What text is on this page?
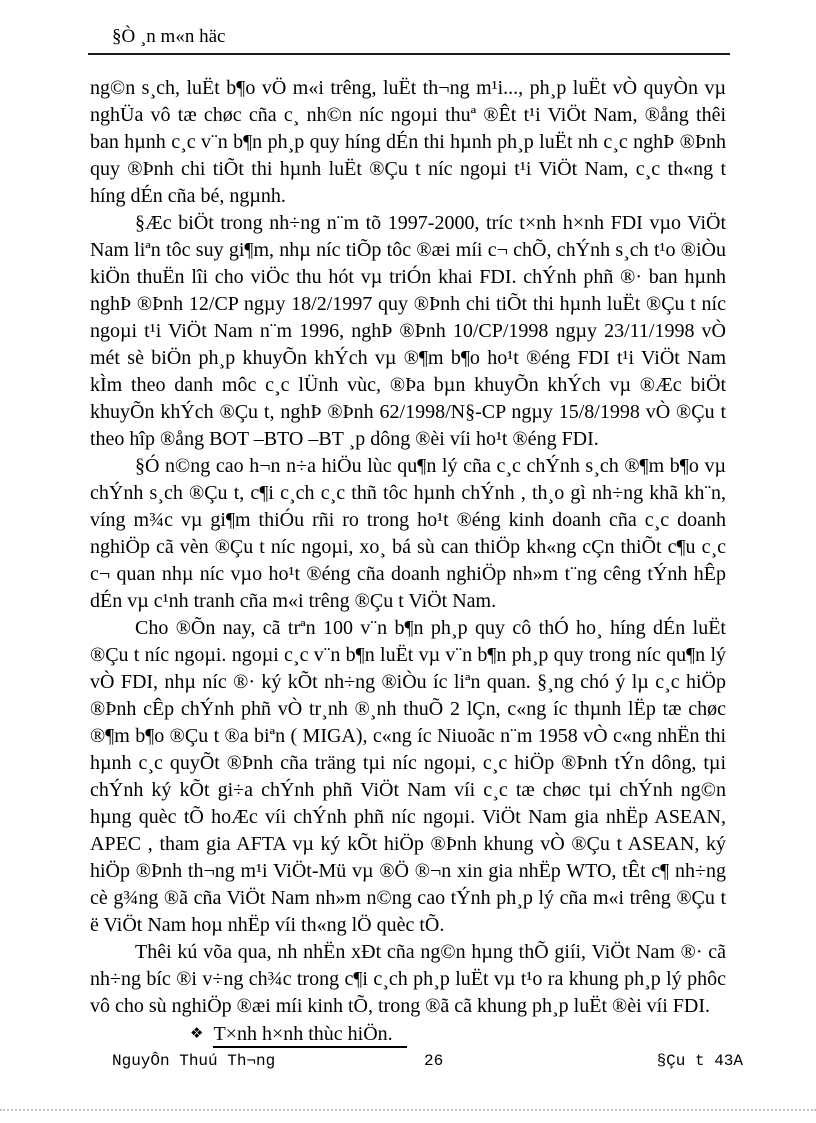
§Ò ¸n m«n häc

ng©n s¸ch, luËt b¶o vÖ m«i trêng, luËt th¬ng m¹i..., ph¸p luËt vÒ quyÒn vµ nghÜa vô tæ chøc cña c¸ nh©n níc ngoµi thuª ®Êt t¹i ViÖt Nam, ®ång thêi ban hµnh c¸c v¨n b¶n ph¸p quy híng dÉn thi hµnh ph¸p luËt nh c¸c nghÞ ®Þnh quy ®Þnh chi tiÕt thi hµnh luËt ®Çu t níc ngoµi t¹i ViÖt Nam, c¸c th«ng t híng dÉn cña bé, ngµnh.

§Æc biÖt trong nh÷ng n¨m tõ 1997-2000, tríc t×nh h×nh FDI vµo ViÖt Nam liªn tôc suy gi¶m, nhµ níc tiÕp tôc ®æi míi c¬ chÕ, chÝnh s¸ch t¹o ®iÒu kiÖn thuËn lîi cho viÖc thu hót vµ triÓn khai FDI. chÝnh phñ ®· ban hµnh nghÞ ®Þnh 12/CP ngµy 18/2/1997 quy ®Þnh chi tiÕt thi hµnh luËt ®Çu t níc ngoµi t¹i ViÖt Nam n¨m 1996, nghÞ ®Þnh 10/CP/1998 ngµy 23/11/1998 vÒ mét sè biÖn ph¸p khuyÕn khÝch vµ ®¶m b¶o ho¹t ®éng FDI t¹i ViÖt Nam kÌm theo danh môc c¸c lÜnh vùc, ®Þa bµn khuyÕn khÝch vµ ®Æc biÖt khuyÕn khÝch ®Çu t, nghÞ ®Þnh 62/1998/N§-CP ngµy 15/8/1998 vÒ ®Çu t theo hîp ®ång BOT –BTO –BT ¸p dông ®èi víi ho¹t ®éng FDI.

§Ó n©ng cao h¬n n÷a hiÖu lùc qu¶n lý cña c¸c chÝnh s¸ch ®¶m b¶o vµ chÝnh s¸ch ®Çu t, c¶i c¸ch c¸c thñ tôc hµnh chÝnh , th¸o gì nh÷ng khã kh¨n, víng m¾c vµ gi¶m thiÓu rñi ro trong ho¹t ®éng kinh doanh cña c¸c doanh nghiÖp cã vèn ®Çu t níc ngoµi, xo¸ bá sù can thiÖp kh«ng cÇn thiÕt c¶u c¸c c¬ quan nhµ níc vµo ho¹t ®éng cña doanh nghiÖp nh»m t¨ng cêng tÝnh hÊp dÉn vµ c¹nh tranh cña m«i trêng ®Çu t ViÖt Nam.

Cho ®Õn nay, cã trªn 100 v¨n b¶n ph¸p quy cô thÓ ho¸ híng dÉn luËt ®Çu t níc ngoµi. ngoµi c¸c v¨n b¶n luËt vµ v¨n b¶n ph¸p quy trong níc qu¶n lý vÒ FDI, nhµ níc ®· ký kÕt nh÷ng ®iÒu íc liªn quan. §¸ng chó ý lµ c¸c hiÖp ®Þnh cÊp chÝnh phñ vÒ tr¸nh ®¸nh thuÕ 2 lÇn, c«ng íc thµnh lËp tæ chøc ®¶m b¶o ®Çu t ®a biªn ( MIGA), c«ng íc Niuoãc n¨m 1958 vÒ c«ng nhËn thi hµnh c¸c quyÕt ®Þnh cña träng tµi níc ngoµi, c¸c hiÖp ®Þnh tÝn dông, tµi chÝnh ký kÕt gi÷a chÝnh phñ ViÖt Nam víi c¸c tæ chøc tµi chÝnh ng©n hµng quèc tÕ hoÆc víi chÝnh phñ níc ngoµi. ViÖt Nam gia nhËp ASEAN, APEC , tham gia AFTA vµ ký kÕt hiÖp ®Þnh khung vÒ ®Çu t ASEAN, ký hiÖp ®Þnh th¬ng m¹i ViÖt-Mü vµ ®Ö ®¬n xin gia nhËp WTO, tÊt c¶ nh÷ng cè g¾ng ®ã cña ViÖt Nam nh»m n©ng cao tÝnh ph¸p lý cña m«i trêng ®Çu t ë ViÖt Nam hoµ nhËp víi th«ng lÖ quèc tÕ.

Thêi kú võa qua, nh nhËn xÐt cña ng©n hµng thÕ giíi, ViÖt Nam ®· cã nh÷ng bíc ®i v÷ng ch¾c trong c¶i c¸ch ph¸p luËt vµ t¹o ra khung ph¸p lý phôc vô cho sù nghiÖp ®æi míi kinh tÕ, trong ®ã cã khung ph¸p luËt ®èi víi FDI.

❖ T×nh h×nh thùc hiÖn.
NguyÔn Thuú Th¬ng	26	§Çu t 43A
